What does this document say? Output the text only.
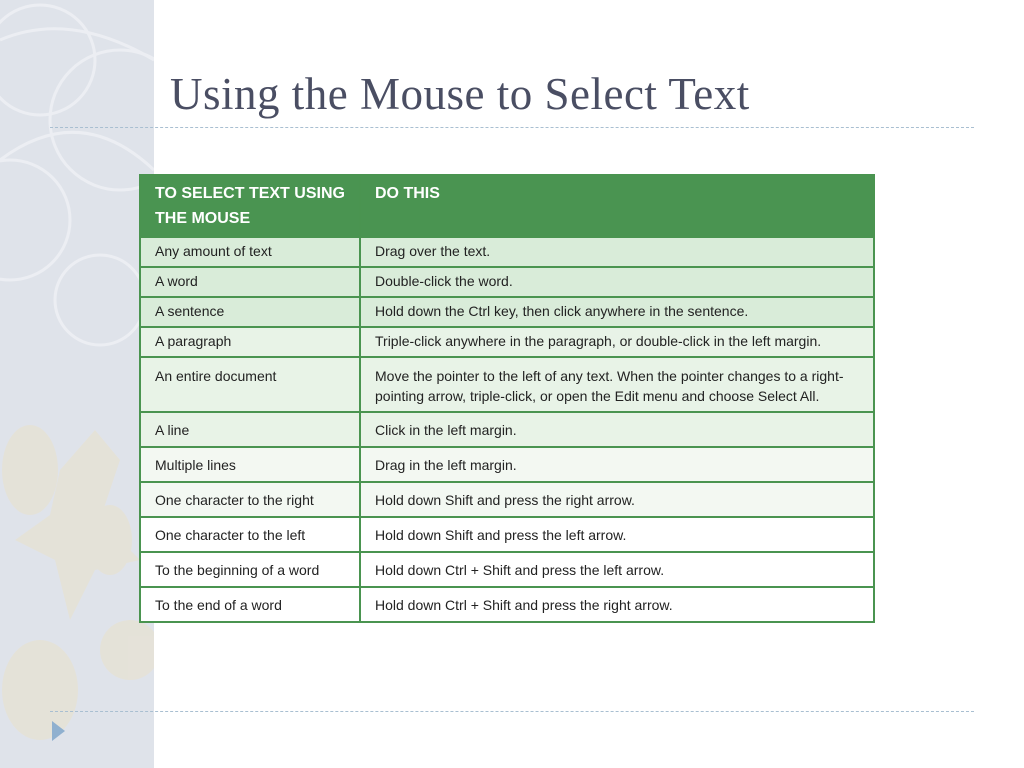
Using the Mouse to Select Text
TO SELECT TEXT USING THE MOUSE	DO THIS
Any amount of text	Drag over the text.
A word	Double-click the word.
A sentence	Hold down the Ctrl key, then click anywhere in the sentence.
A paragraph	Triple-click anywhere in the paragraph, or double-click in the left margin.
An entire document	Move the pointer to the left of any text. When the pointer changes to a right-pointing arrow, triple-click, or open the Edit menu and choose Select All.
A line	Click in the left margin.
Multiple lines	Drag in the left margin.
One character to the right	Hold down Shift and press the right arrow.
One character to the left	Hold down Shift and press the left arrow.
To the beginning of a word	Hold down Ctrl + Shift and press the left arrow.
To the end of a word	Hold down Ctrl + Shift and press the right arrow.
